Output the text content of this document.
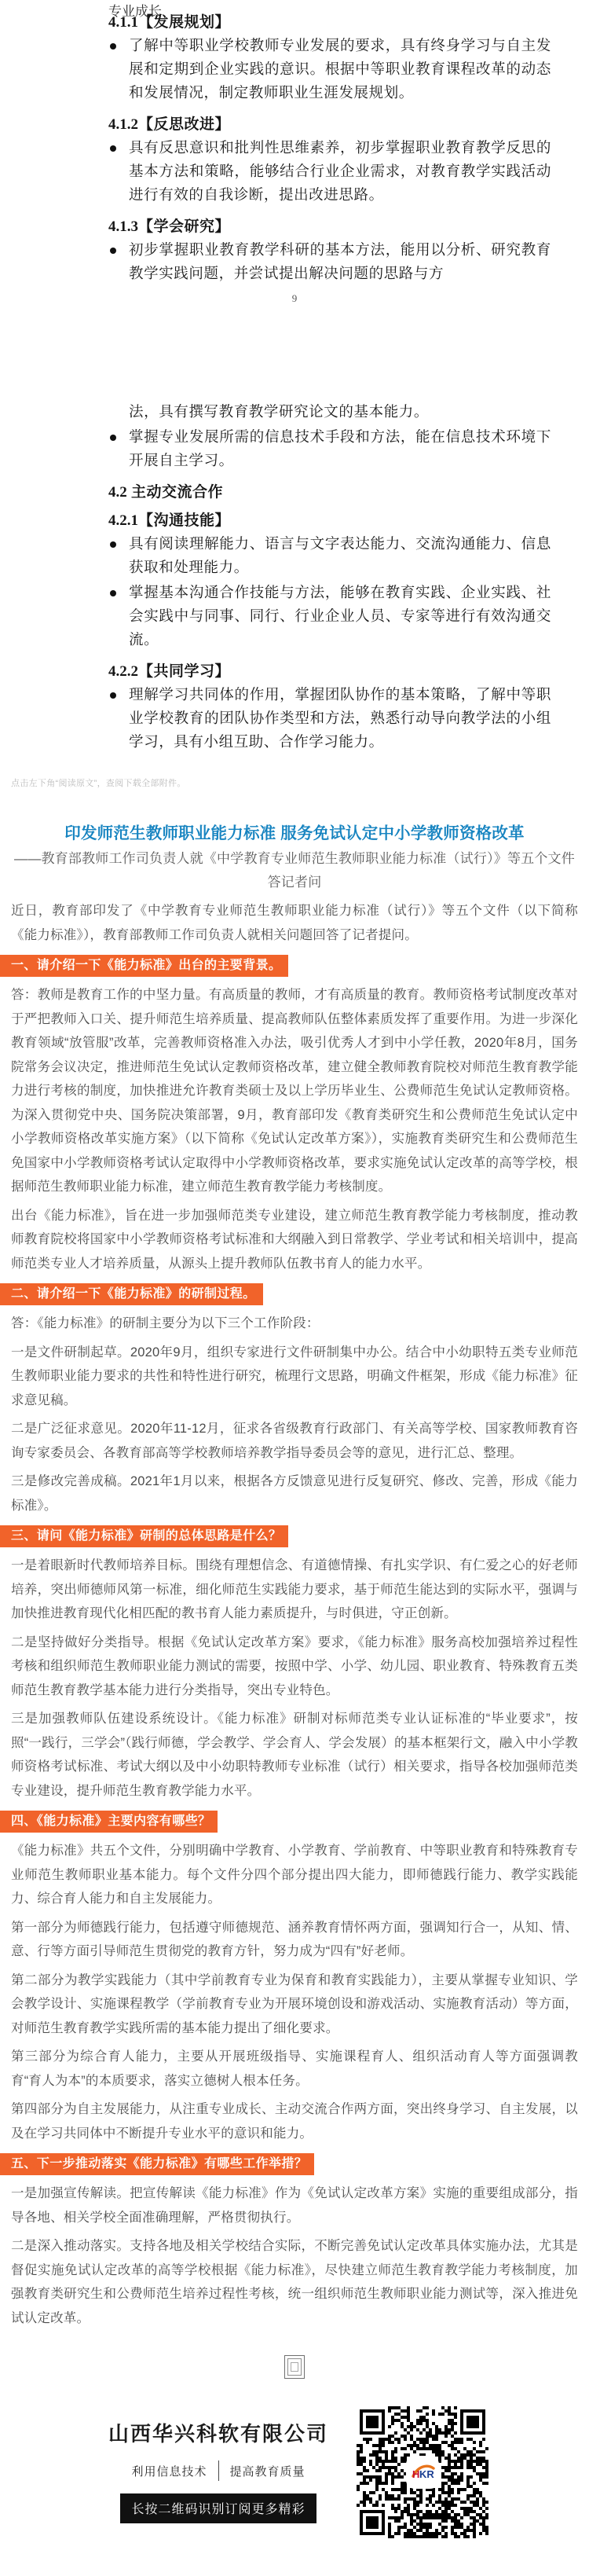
专业成长
4.1.1【发展规划】
了解中等职业学校教师专业发展的要求，具有终身学习与自主发展和定期到企业实践的意识。根据中等职业教育课程改革的动态和发展情况，制定教师职业生涯发展规划。
4.1.2【反思改进】
具有反思意识和批判性思维素养，初步掌握职业教育教学反思的基本方法和策略，能够结合行业企业需求，对教育教学实践活动进行有效的自我诊断，提出改进思路。
4.1.3【学会研究】
初步掌握职业教育教学科研的基本方法，能用以分析、研究教育教学实践问题，并尝试提出解决问题的思路与方
9
法，具有撰写教育教学研究论文的基本能力。
掌握专业发展所需的信息技术手段和方法，能在信息技术环境下开展自主学习。
4.2 主动交流合作
4.2.1【沟通技能】
具有阅读理解能力、语言与文字表达能力、交流沟通能力、信息获取和处理能力。
掌握基本沟通合作技能与方法，能够在教育实践、企业实践、社会实践中与同事、同行、行业企业人员、专家等进行有效沟通交流。
4.2.2【共同学习】
理解学习共同体的作用，掌握团队协作的基本策略，了解中等职业学校教育的团队协作类型和方法，熟悉行动导向教学法的小组学习，具有小组互助、合作学习能力。
点击左下角“阅读原文”，查阅下载全部附件。
印发师范生教师职业能力标准 服务免试认定中小学教师资格改革
——教育部教师工作司负责人就《中学教育专业师范生教师职业能力标准（试行）》等五个文件答记者问
近日，教育部印发了《中学教育专业师范生教师职业能力标准（试行）》等五个文件（以下简称《能力标准》），教育部教师工作司负责人就相关问题回答了记者提问。
一、请介绍一下《能力标准》出台的主要背景。
答：教师是教育工作的中坚力量。有高质量的教师，才有高质量的教育。教师资格考试制度改革对于严把教师入口关、提升师范生培养质量、提高教师队伍整体素质发挥了重要作用。为进一步深化教育领域“放管服”改革，完善教师资格准入办法，吸引优秀人才到中小学任教，2020年8月，国务院常务会议决定，推进师范生免试认定教师资格改革，建立健全教师教育院校对师范生教育教学能力进行考核的制度，加快推进允许教育类硕士及以上学历毕业生、公费师范生免试认定教师资格。为深入贯彻党中央、国务院决策部署，9月，教育部印发《教育类研究生和公费师范生免试认定中小学教师资格改革实施方案》（以下简称《免试认定改革方案》），实施教育类研究生和公费师范生免国家中小学教师资格考试认定取得中小学教师资格改革，要求实施免试认定改革的高等学校，根据师范生教师职业能力标准，建立师范生教育教学能力考核制度。
出台《能力标准》，旨在进一步加强师范类专业建设，建立师范生教育教学能力考核制度，推动教师教育院校将国家中小学教师资格考试标准和大纲融入到日常教学、学业考试和相关培训中，提高师范类专业人才培养质量，从源头上提升教师队伍教书育人的能力水平。
二、请介绍一下《能力标准》的研制过程。
答：《能力标准》的研制主要分为以下三个工作阶段：
一是文件研制起草。2020年9月，组织专家进行文件研制集中办公。结合中小幼职特五类专业师范生教师职业能力要求的共性和特性进行研究，梳理行文思路，明确文件框架，形成《能力标准》征求意见稿。
二是广泛征求意见。2020年11-12月，征求各省级教育行政部门、有关高等学校、国家教师教育咨询专家委员会、各教育部高等学校教师培养教学指导委员会等的意见，进行汇总、整理。
三是修改完善成稿。2021年1月以来，根据各方反馈意见进行反复研究、修改、完善，形成《能力标准》。
三、请问《能力标准》研制的总体思路是什么？
一是着眼新时代教师培养目标。围绕有理想信念、有道德情操、有扎实学识、有仁爱之心的好老师培养，突出师德师风第一标准，细化师范生实践能力要求，基于师范生能达到的实际水平，强调与加快推进教育现代化相匹配的教书育人能力素质提升，与时俱进，守正创新。
二是坚持做好分类指导。根据《免试认定改革方案》要求，《能力标准》服务高校加强培养过程性考核和组织师范生教师职业能力测试的需要，按照中学、小学、幼儿园、职业教育、特殊教育五类师范生教育教学基本能力进行分类指导，突出专业特色。
三是加强教师队伍建设系统设计。《能力标准》研制对标师范类专业认证标准的“毕业要求”，按照“一践行，三学会”（践行师德，学会教学、学会育人、学会发展）的基本框架行文，融入中小学教师资格考试标准、考试大纲以及中小幼职特教师专业标准（试行）相关要求，指导各校加强师范类专业建设，提升师范生教育教学能力水平。
四、《能力标准》主要内容有哪些？
《能力标准》共五个文件，分别明确中学教育、小学教育、学前教育、中等职业教育和特殊教育专业师范生教师职业基本能力。每个文件分四个部分提出四大能力，即师德践行能力、教学实践能力、综合育人能力和自主发展能力。
第一部分为师德践行能力，包括遵守师德规范、涵养教育情怀两方面，强调知行合一，从知、情、意、行等方面引导师范生贯彻党的教育方针，努力成为“四有”好老师。
第二部分为教学实践能力（其中学前教育专业为保育和教育实践能力），主要从掌握专业知识、学会教学设计、实施课程教学（学前教育专业为开展环境创设和游戏活动、实施教育活动）等方面，对师范生教育教学实践所需的基本能力提出了细化要求。
第三部分为综合育人能力，主要从开展班级指导、实施课程育人、组织活动育人等方面强调教育“育人为本”的本质要求，落实立德树人根本任务。
第四部分为自主发展能力，从注重专业成长、主动交流合作两方面，突出终身学习、自主发展，以及在学习共同体中不断提升专业水平的意识和能力。
五、下一步推动落实《能力标准》有哪些工作举措？
一是加强宣传解读。把宣传解读《能力标准》作为《免试认定改革方案》实施的重要组成部分，指导各地、相关学校全面准确理解，严格贯彻执行。
二是深入推动落实。支持各地及相关学校结合实际，不断完善免试认定改革具体实施办法，尤其是督促实施免试认定改革的高等学校根据《能力标准》，尽快建立师范生教育教学能力考核制度，加强教育类研究生和公费师范生培养过程性考核，统一组织师范生教师职业能力测试等，深入推进免试认定改革。
山西华兴科软有限公司
利用信息技术 提高教育质量
长按二维码识别订阅更多精彩
H KR
